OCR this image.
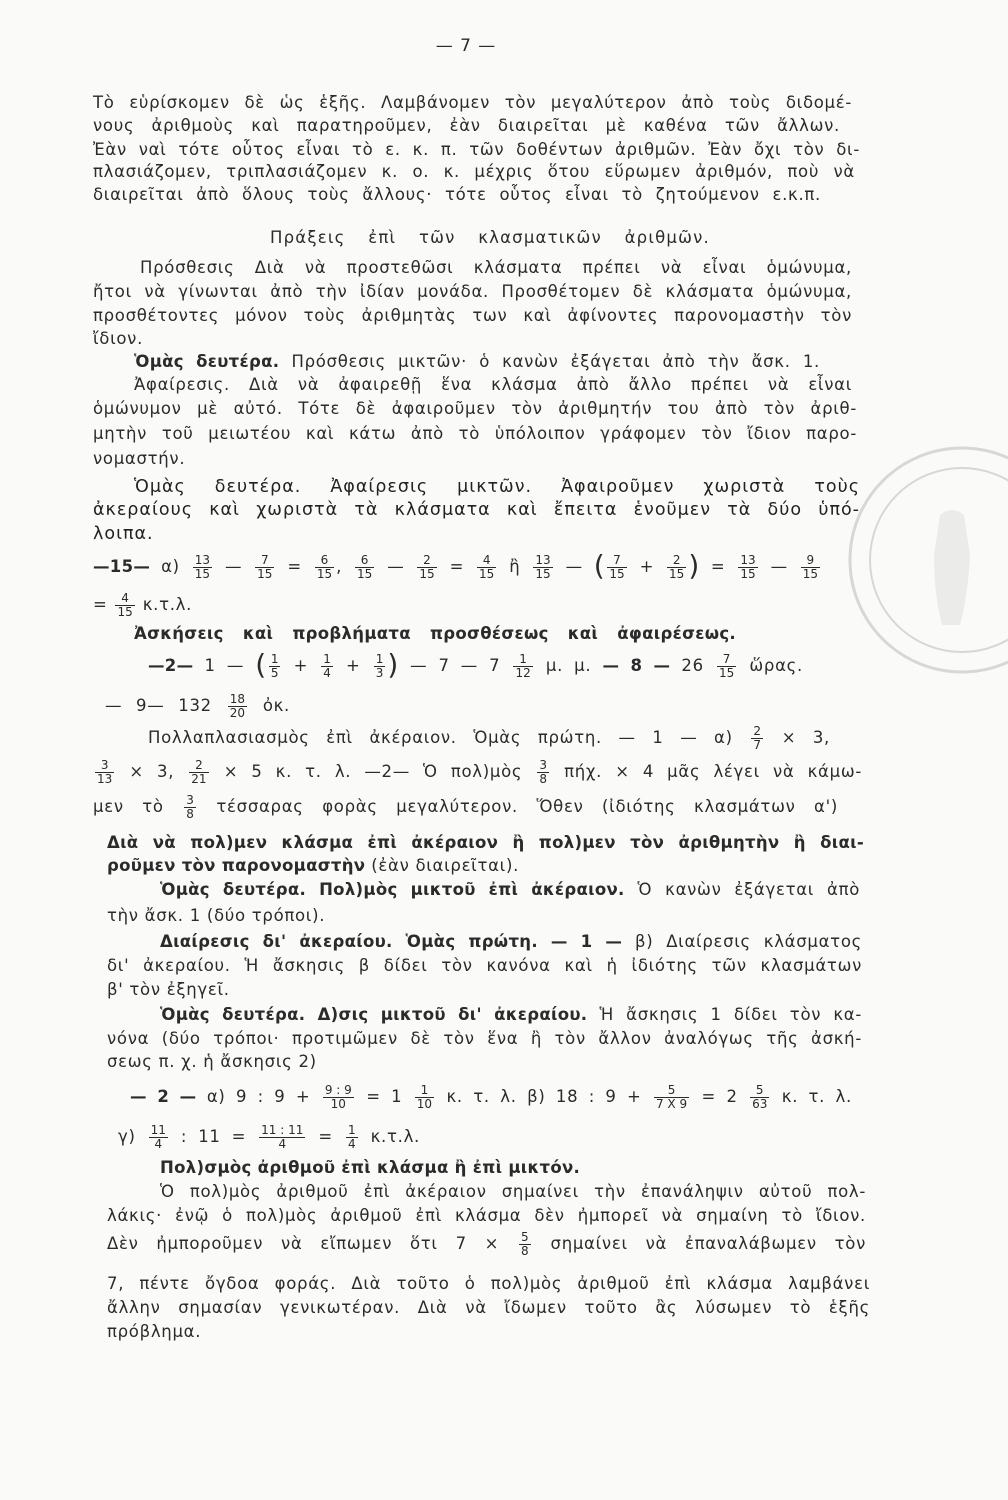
— 7 —
Τὸ εὑρίσκομεν δὲ ὡς ἑξῆς. Λαμβάνομεν τὸν μεγαλύτερον ἀπὸ τοὺς διδομέ-
νους ἀριθμοὺς καὶ παρατηροῦμεν, ἐὰν διαιρεῖται μὲ καθένα τῶν ἄλλων.
Ἐὰν ναὶ τότε οὗτος εἶναι τὸ ε. κ. π. τῶν δοθέντων ἀριθμῶν. Ἐὰν ὄχι τὸν δι-
πλασιάζομεν, τριπλασιάζομεν κ. ο. κ. μέχρις ὅτου εὕρωμεν ἀριθμόν, ποὺ νὰ
διαιρεῖται ἀπὸ ὅλους τοὺς ἄλλους· τότε οὗτος εἶναι τὸ ζητούμενον ε.κ.π.
Πράξεις ἐπὶ τῶν κλασματικῶν ἀριθμῶν.
Πρόσθεσις Διὰ νὰ προστεθῶσι κλάσματα πρέπει νὰ εἶναι ὁμώνυμα,
ἤτοι νὰ γίνωνται ἀπὸ τὴν ἰδίαν μονάδα. Προσθέτομεν δὲ κλάσματα ὁμώνυμα,
προσθέτοντες μόνον τοὺς ἀριθμητὰς των καὶ ἀφίνοντες παρονομαστὴν τὸν
ἴδιον.
Ὁμὰς δευτέρα. Πρόσθεσις μικτῶν· ὁ κανὼν ἐξάγεται ἀπὸ τὴν ἄσκ. 1.
Ἀφαίρεσις. Διὰ νὰ ἀφαιρεθῇ ἕνα κλάσμα ἀπὸ ἄλλο πρέπει νὰ εἶναι
ὁμώνυμον μὲ αὐτό. Τότε δὲ ἀφαιροῦμεν τὸν ἀριθμητήν του ἀπὸ τὸν ἀριθ-
μητὴν τοῦ μειωτέου καὶ κάτω ἀπὸ τὸ ὑπόλοιπον γράφομεν τὸν ἴδιον παρο-
νομαστήν.
Ὁμὰς δευτέρα. Ἀφαίρεσις μικτῶν. Ἀφαιροῦμεν χωριστὰ τοὺς
ἀκεραίους καὶ χωριστὰ τὰ κλάσματα καὶ ἔπειτα ἑνοῦμεν τὰ δύο ὑπό-
λοιπα.
—15— $\alpha) \frac{13}{15}$ — $\frac{7}{15} = \frac{6}{15}$ , $\frac{6}{15}$ — $\frac{2}{15} = \frac{4}{15}$ ἢ $\frac{13}{15}$ — ( $\frac{7}{15} + \frac{2}{15}$ ) = $\frac{13}{15}$ — $\frac{9}{15}$
= $\frac{4}{15} \kappa.\tau.\lambda$.
Ἀσκήσεις καὶ προβλήματα προσθέσεως καὶ ἀφαιρέσεως.
—2— 1 — ( $\frac{1}{5} + \frac{1}{4} + \frac{1}{3}$ ) — 7 — $7 \frac{1}{12} \mu$. μ. — 8 — $26 \frac{7}{15}$ ὥρας.
— 9— $132 \frac{18}{20}$ ὀκ.
Πολλαπλασιασμὸς ἐπὶ ἀκέραιον. Ὁμὰς πρώτη. — 1 — $\alpha) \frac{2}{7} \times 3$,
$\frac{3}{13} \times 3$, $\frac{2}{21} \times 5$ κ. τ. λ. —2— Ὁ πολ)μὸς $\frac{3}{8} \pi ή\chi$. × 4 μᾶς λέγει νὰ κάμω-
μεν τὸ $\frac{3}{8}$ τέσσαρας φορὰς μεγαλύτερον. Ὅθεν (ἰδιότης κλασμάτων α')
Διὰ νὰ πολ)μεν κλάσμα ἐπὶ ἀκέραιον ἢ πολ)μεν τὸν ἀριθμητὴν ἢ διαι-
ροῦμεν τὸν παρονομαστὴν (ἐὰν διαιρεῖται).
Ὁμὰς δευτέρα. Πολ)μὸς μικτοῦ ἐπὶ ἀκέραιον. Ὁ κανὼν ἐξάγεται ἀπὸ
τὴν ἄσκ. 1 (δύο τρόποι).
Διαίρεσις δι' ἀκεραίου. Ὁμὰς πρώτη. — 1 — β) Διαίρεσις κλάσματος
δι' ἀκεραίου. Ἡ ἄσκησις β δίδει τὸν κανόνα καὶ ἡ ἰδιότης τῶν κλασμάτων
β' τὸν ἐξηγεῖ.
Ὁμὰς δευτέρα. Δ)σις μικτοῦ δι' ἀκεραίου. Ἡ ἄσκησις 1 δίδει τὸν κα-
νόνα (δύο τρόποι· προτιμῶμεν δὲ τὸν ἕνα ἢ τὸν ἄλλον ἀναλόγως τῆς ἀσκή-
σεως π. χ. ἡ ἄσκησις 2)
— 2 — α) 9 : $9 + \frac{9 : 9}{10} = 1 \frac{1}{10} \kappa$. τ. λ. β) 18 : $9 + \frac{5}{7 X 9} = 2 \frac{5}{63} \kappa$. τ. λ.
$\gamma) \frac{11}{4}$ : $11 = \frac{11 : 11}{4} = \frac{1}{4} \kappa.\tau.\lambda$.
Πολ)σμὸς ἀριθμοῦ ἐπὶ κλάσμα ἢ ἐπὶ μικτόν.
Ὁ πολ)μὸς ἀριθμοῦ ἐπὶ ἀκέραιον σημαίνει τὴν ἐπανάληψιν αὐτοῦ πολ-
λάκις· ἐνῷ ὁ πολ)μὸς ἀριθμοῦ ἐπὶ κλάσμα δὲν ἠμπορεῖ νὰ σημαίνη τὸ ἴδιον.
Δὲν ἠμποροῦμεν νὰ εἴπωμεν ὅτι $7 \times \frac{5}{8}$ σημαίνει νὰ ἐπαναλάβωμεν τὸν
7, πέντε ὄγδοα φοράς. Διὰ τοῦτο ὁ πολ)μὸς ἀριθμοῦ ἐπὶ κλάσμα λαμβάνει
ἄλλην σημασίαν γενικωτέραν. Διὰ νὰ ἴδωμεν τοῦτο ἂς λύσωμεν τὸ ἑξῆς
πρόβλημα.
